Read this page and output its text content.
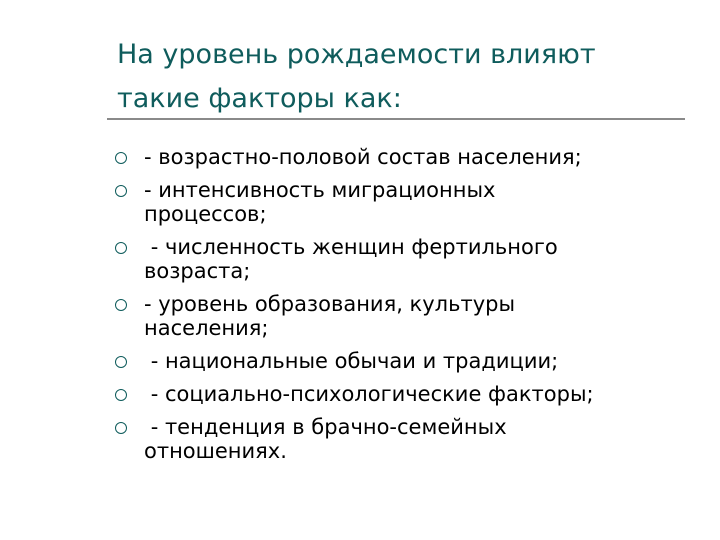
На уровень рождаемости влияют
такие факторы как:
- возрастно-половой состав населения;
- интенсивность миграционных
процессов;
- численность женщин фертильного
возраста;
- уровень образования, культуры
населения;
- национальные обычаи и традиции;
- социально-психологические факторы;
- тенденция в брачно-семейных
отношениях.
